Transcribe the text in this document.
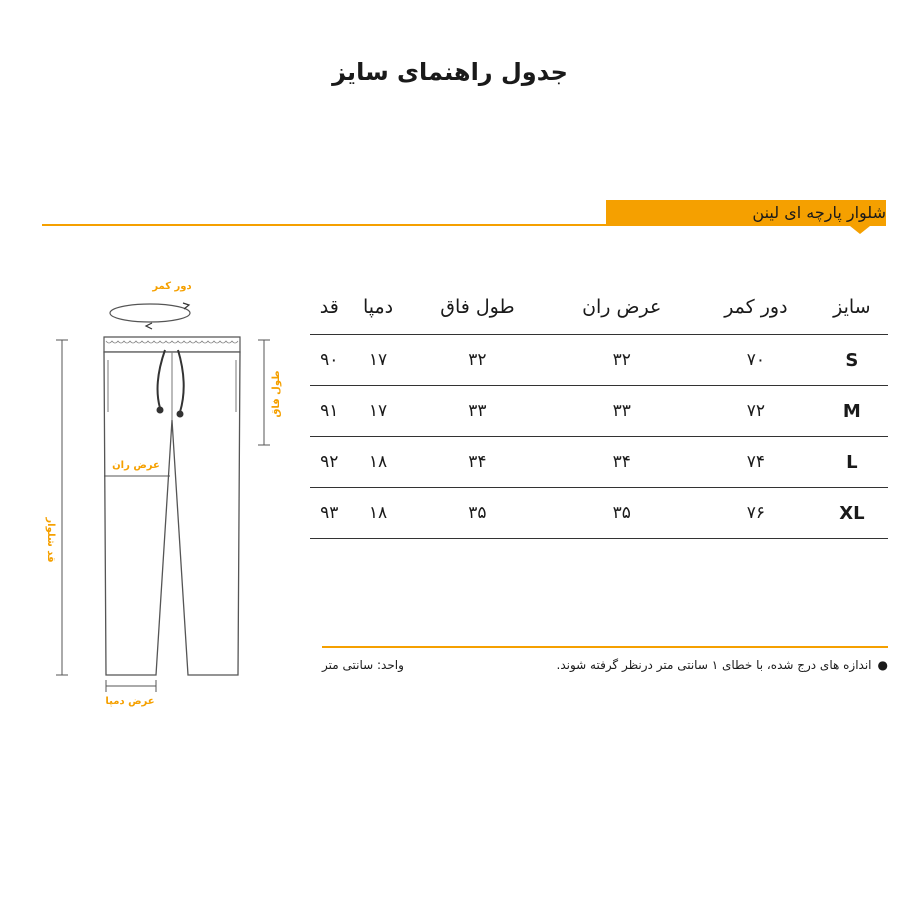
جدول راهنمای سایز
شلوار پارچه ای لینن
دور کمر
طول فاق
عرض ران
قد شلوار
عرض دمپا
سایز	دور کمر	عرض ران	طول فاق	دمپا	قد
S	۷۰	۳۲	۳۲	۱۷	۹۰
M	۷۲	۳۳	۳۳	۱۷	۹۱
L	۷۴	۳۴	۳۴	۱۸	۹۲
XL	۷۶	۳۵	۳۵	۱۸	۹۳
●اندازه های درج شده، با خطای ۱ سانتی متر درنظر گرفته شوند.
واحد: سانتی متر
